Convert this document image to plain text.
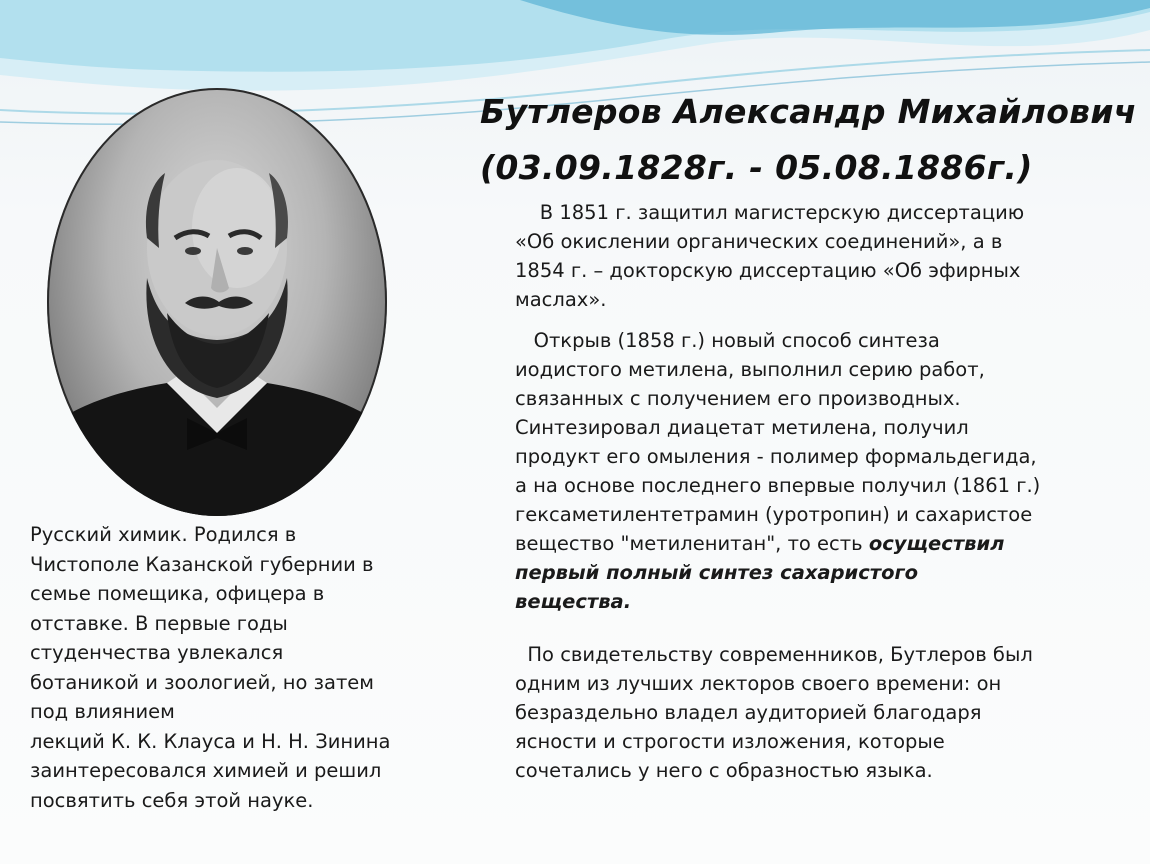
Бутлеров Александр Михайлович
(03.09.1828г. - 05.08.1886г.)

В 1851 г. защитил магистерскую диссертацию
«Об окислении органических соединений», а в
1854 г. – докторскую диссертацию «Об эфирных
маслах».

Открыв (1858 г.) новый способ синтеза
иодистого метилена, выполнил серию работ,
связанных с получением его производных.
Синтезировал диацетат метилена, получил
продукт его омыления - полимер формальдегида,
а на основе последнего впервые получил (1861 г.)
гексаметилентетрамин (уротропин) и сахаристое
вещество "метиленитан", то есть осуществил
первый полный синтез сахаристого
вещества.

По свидетельству современников, Бутлеров был
одним из лучших лекторов своего времени: он
безраздельно владел аудиторией благодаря
ясности и строгости изложения, которые
сочетались у него с образностью языка.

Русский химик. Родился в
Чистополе Казанской губернии в
семье помещика, офицера в
отставке. В первые годы
студенчества увлекался
ботаникой и зоологией, но затем
под влиянием
лекций К. К. Клауса и Н. Н. Зинина
заинтересовался химией и решил
посвятить себя этой науке.
